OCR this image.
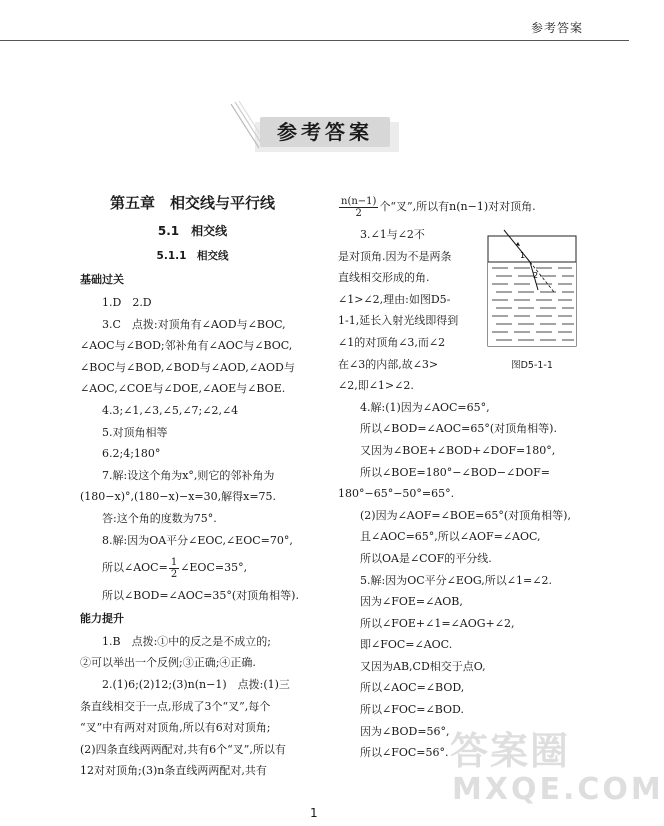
参考答案
参考答案
第五章　相交线与平行线
5.1　相交线
5.1.1　相交线
基础过关
1.D　2.D
3.C　点拨:对顶角有∠AOD与∠BOC,
∠AOC与∠BOD;邻补角有∠AOC与∠BOC,
∠BOC与∠BOD,∠BOD与∠AOD,∠AOD与
∠AOC,∠COE与∠DOE,∠AOE与∠BOE.
4.3;∠1,∠3,∠5,∠7;∠2,∠4
5.对顶角相等
6.2;4;180°
7.解:设这个角为x°,则它的邻补角为
(180−x)°,(180−x)−x=30,解得x=75.
答:这个角的度数为75°.
8.解:因为OA平分∠EOC,∠EOC=70°,
所以∠AOC= $\frac{1}{2}$ ∠EOC=35°,
所以∠BOD=∠AOC=35°(对顶角相等).
能力提升
1.B　点拨:①中的反之是不成立的;
②可以举出一个反例;③正确;④正确.
2.(1)6;(2)12;(3)n(n−1)　点拨:(1)三
条直线相交于一点,形成了3个“叉”,每个
“叉”中有两对对顶角,所以有6对对顶角;
(2)四条直线两两配对,共有6个“叉”,所以有
12对对顶角;(3)n条直线两两配对,共有
$\frac{n(n-1)}{2}$ 个“叉”,所以有n(n−1)对对顶角.
3.∠1与∠2不
是对顶角.因为不是两条
直线相交形成的角.
∠1>∠2,理由:如图D5-
1-1,延长入射光线即得到
∠1的对顶角∠3,而∠2
在∠3的内部,故∠3>
∠2,即∠1>∠2.
4.解:(1)因为∠AOC=65°,
所以∠BOD=∠AOC=65°(对顶角相等).
又因为∠BOE+∠BOD+∠DOF=180°,
所以∠BOE=180°−∠BOD−∠DOF=
180°−65°−50°=65°.
(2)因为∠AOF=∠BOE=65°(对顶角相等),
且∠AOC=65°,所以∠AOF=∠AOC,
所以OA是∠COF的平分线.
5.解:因为OC平分∠EOG,所以∠1=∠2.
因为∠FOE=∠AOB,
所以∠FOE+∠1=∠AOG+∠2,
即∠FOC=∠AOC.
又因为AB,CD相交于点O,
所以∠AOC=∠BOD,
所以∠FOC=∠BOD.
因为∠BOD=56°,
所以∠FOC=56°.
1
2
图D5-1-1
答案圈
MXQE.COM
1
